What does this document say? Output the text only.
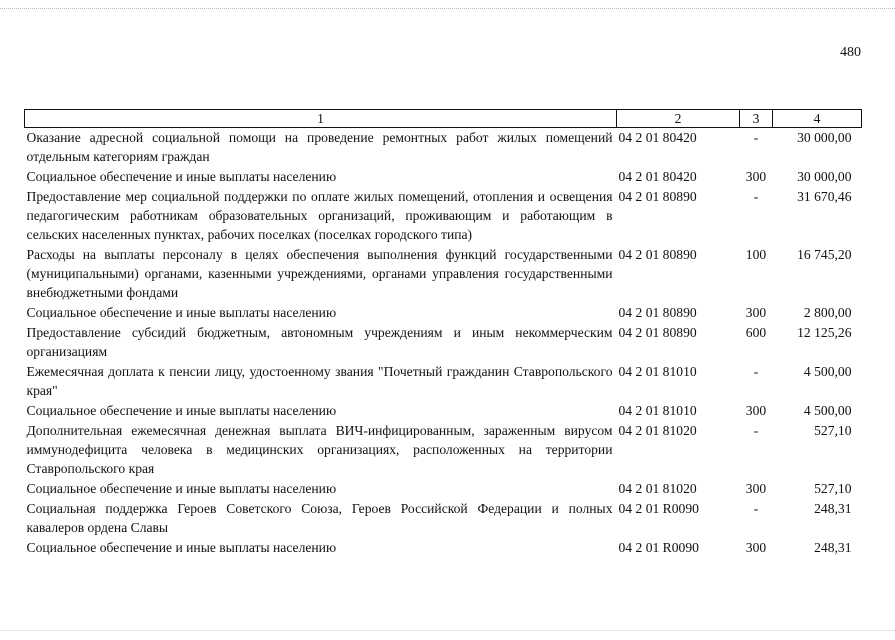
480
1	2	3	4
Оказание адресной социальной помощи на проведение ремонтных работ жилых помещений отдельным категориям граждан	04 2 01 80420	-	30 000,00
Социальное обеспечение и иные выплаты населению	04 2 01 80420	300	30 000,00
Предоставление мер социальной поддержки по оплате жилых помещений, отопления и освещения педагогическим работникам образовательных организаций, проживающим и работающим в сельских населенных пунктах, рабочих поселках (поселках городского типа)	04 2 01 80890	-	31 670,46
Расходы на выплаты персоналу в целях обеспечения выполнения функций государственными (муниципальными) органами, казенными учреждениями, органами управления государственными внебюджетными фондами	04 2 01 80890	100	16 745,20
Социальное обеспечение и иные выплаты населению	04 2 01 80890	300	2 800,00
Предоставление субсидий бюджетным, автономным учреждениям и иным некоммерческим организациям	04 2 01 80890	600	12 125,26
Ежемесячная доплата к пенсии лицу, удостоенному звания "Почетный гражданин Ставропольского края"	04 2 01 81010	-	4 500,00
Социальное обеспечение и иные выплаты населению	04 2 01 81010	300	4 500,00
Дополнительная ежемесячная денежная выплата ВИЧ-инфицированным, зараженным вирусом иммунодефицита человека в медицинских организациях, расположенных на территории Ставропольского края	04 2 01 81020	-	527,10
Социальное обеспечение и иные выплаты населению	04 2 01 81020	300	527,10
Социальная поддержка Героев Советского Союза, Героев Российской Федерации и полных кавалеров ордена Славы	04 2 01 R0090	-	248,31
Социальное обеспечение и иные выплаты населению	04 2 01 R0090	300	248,31
